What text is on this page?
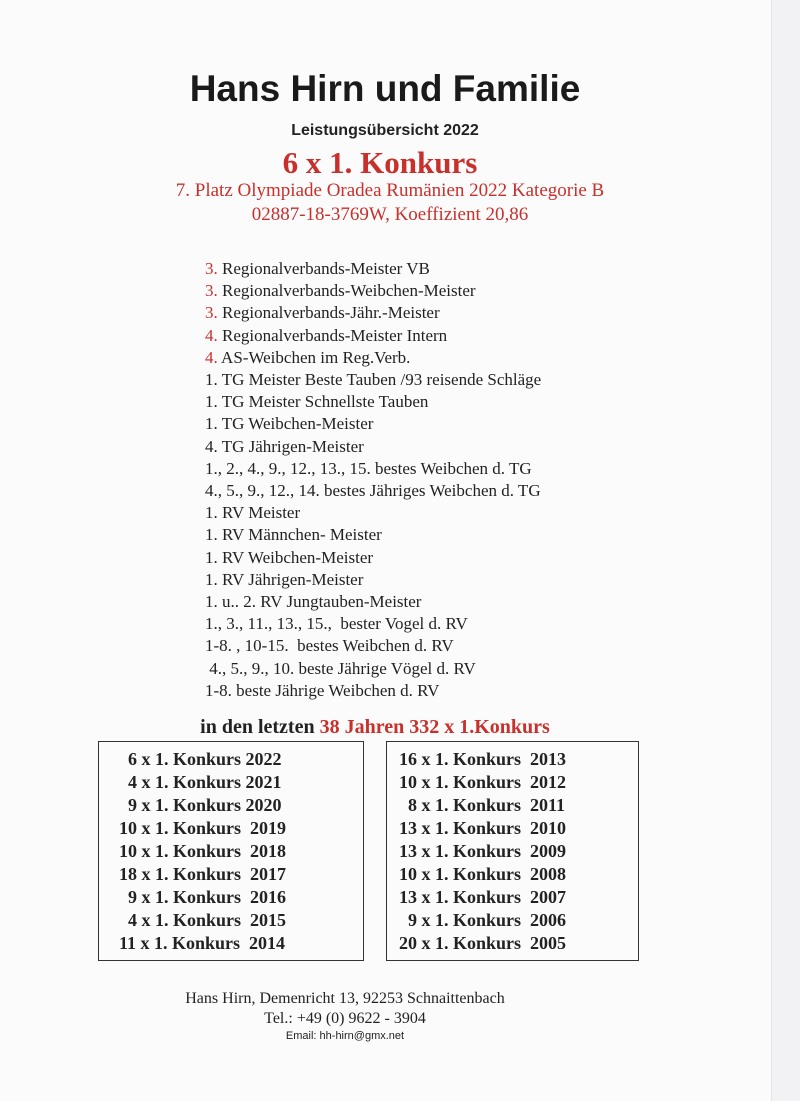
Hans Hirn und Familie
Leistungsübersicht 2022
6 x 1. Konkurs
7. Platz Olympiade Oradea Rumänien 2022 Kategorie B
02887-18-3769W, Koeffizient 20,86
3. Regionalverbands-Meister VB
3. Regionalverbands-Weibchen-Meister
3. Regionalverbands-Jähr.-Meister
4. Regionalverbands-Meister Intern
4. AS-Weibchen im Reg.Verb.
1. TG Meister Beste Tauben /93 reisende Schläge
1. TG Meister Schnellste Tauben
1. TG Weibchen-Meister
4. TG Jährigen-Meister
1., 2., 4., 9., 12., 13., 15. bestes Weibchen d. TG
4., 5., 9., 12., 14. bestes Jähriges Weibchen d. TG
1. RV Meister
1. RV Männchen- Meister
1. RV Weibchen-Meister
1. RV Jährigen-Meister
1. u.. 2. RV Jungtauben-Meister
1., 3., 11., 13., 15.,  bester Vogel d. RV
1-8. , 10-15.  bestes Weibchen d. RV
4., 5., 9., 10. beste Jährige Vögel d. RV
1-8. beste Jährige Weibchen d. RV
in den letzten 38 Jahren 332 x 1.Konkurs
6 x 1. Konkurs 2022
4 x 1. Konkurs 2021
9 x 1. Konkurs 2020
10 x 1. Konkurs  2019
10 x 1. Konkurs  2018
18 x 1. Konkurs  2017
9 x 1. Konkurs  2016
4 x 1. Konkurs  2015
11 x 1. Konkurs  2014
16 x 1. Konkurs  2013
10 x 1. Konkurs  2012
8 x 1. Konkurs  2011
13 x 1. Konkurs  2010
13 x 1. Konkurs  2009
10 x 1. Konkurs  2008
13 x 1. Konkurs  2007
9 x 1. Konkurs  2006
20 x 1. Konkurs  2005
Hans Hirn, Demenricht 13, 92253 Schnaittenbach
Tel.: +49 (0) 9622 - 3904
Email: hh-hirn@gmx.net
